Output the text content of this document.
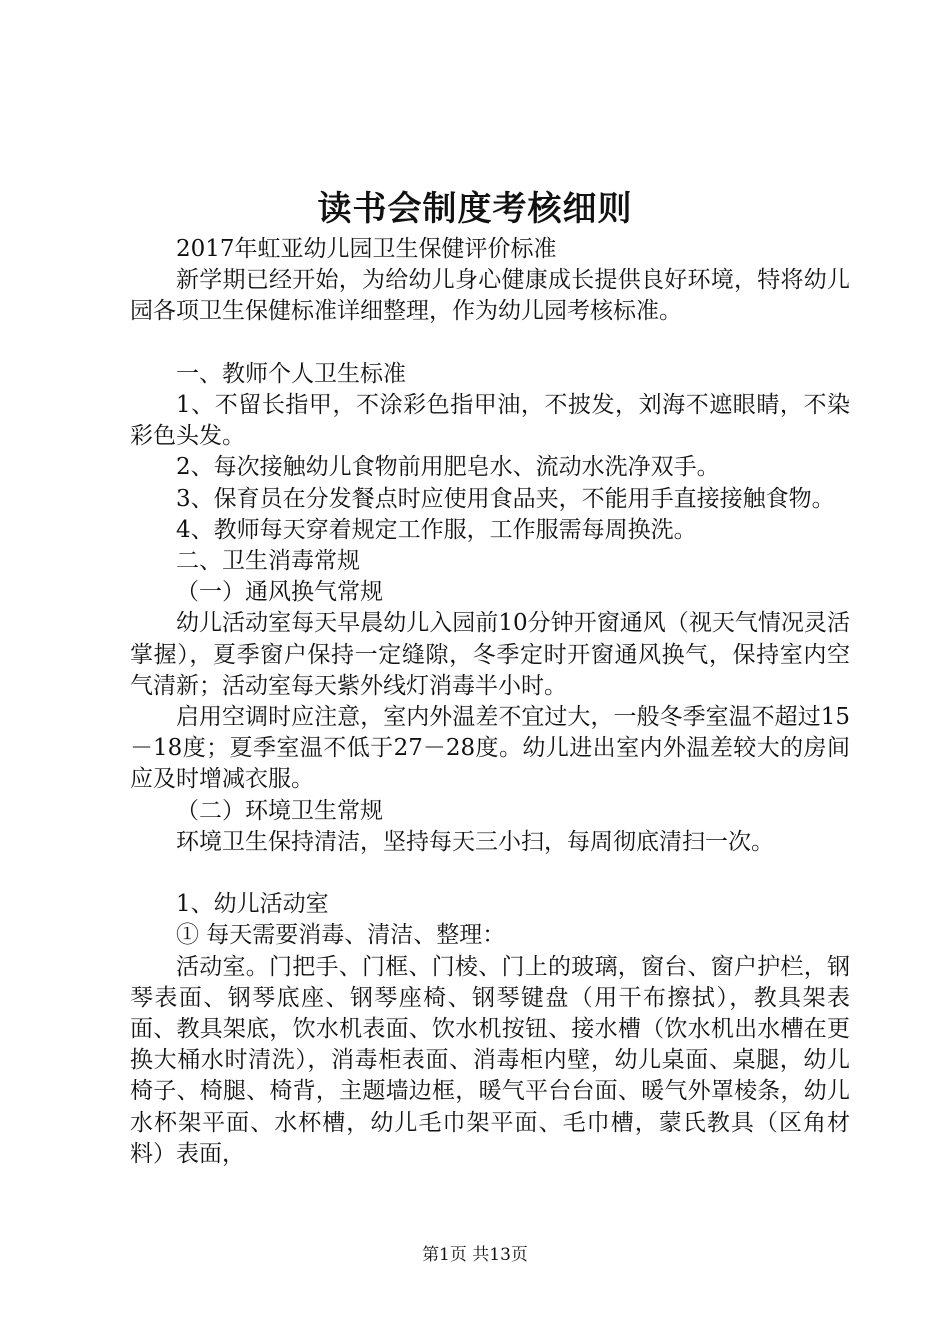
读书会制度考核细则

2017年虹亚幼儿园卫生保健评价标准

新学期已经开始，为给幼儿身心健康成长提供良好环境，特将幼儿园各项卫生保健标准详细整理，作为幼儿园考核标准。

一、教师个人卫生标准

1、不留长指甲，不涂彩色指甲油，不披发，刘海不遮眼睛，不染彩色头发。

2、每次接触幼儿食物前用肥皂水、流动水洗净双手。

3、保育员在分发餐点时应使用食品夹，不能用手直接接触食物。

4、教师每天穿着规定工作服，工作服需每周换洗。

二、卫生消毒常规

（一）通风换气常规

幼儿活动室每天早晨幼儿入园前10分钟开窗通风（视天气情况灵活掌握），夏季窗户保持一定缝隙，冬季定时开窗通风换气，保持室内空气清新；活动室每天紫外线灯消毒半小时。

启用空调时应注意，室内外温差不宜过大，一般冬季室温不超过15－18度；夏季室温不低于27－28度。幼儿进出室内外温差较大的房间应及时增减衣服。

（二）环境卫生常规

环境卫生保持清洁，坚持每天三小扫，每周彻底清扫一次。

1、幼儿活动室

① 每天需要消毒、清洁、整理：

活动室。门把手、门框、门棱、门上的玻璃，窗台、窗户护栏，钢琴表面、钢琴底座、钢琴座椅、钢琴键盘（用干布擦拭），教具架表面、教具架底，饮水机表面、饮水机按钮、接水槽（饮水机出水槽在更换大桶水时清洗），消毒柜表面、消毒柜内壁，幼儿桌面、桌腿，幼儿椅子、椅腿、椅背，主题墙边框，暖气平台台面、暖气外罩棱条，幼儿水杯架平面、水杯槽，幼儿毛巾架平面、毛巾槽，蒙氏教具（区角材料）表面，

第1页 共13页
